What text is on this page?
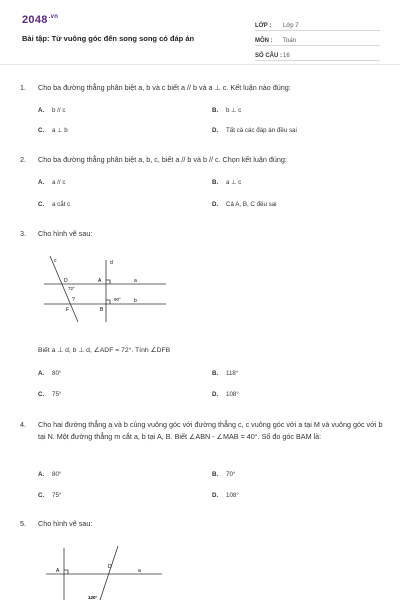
$2048^{.vn}$
Bài tập: Từ vuông góc đến song song có đáp án
LỚP :	Lớp 7
MÔN :	Toán
SỐ CÂU : 16
1.	Cho ba đường thẳng phân biệt a, b và c biết a // b và a ⊥ c. Kết luận nào đúng:
A. b // c	B. b ⊥ c
C. a ⊥ b	D. Tất cả các đáp án đều sai
2.	Cho ba đường thẳng phân biệt a, b, c, biết a // b và b // c. Chọn kết luận đúng:
A. a // c	B. a ⊥ c
C. a cắt c	D. Cả A, B, C đều sai
3.	Cho hình vẽ sau:
c	d
a
b
D	A
F	B
72°
?	90°
Biết a ⊥ d, b ⊥ d, ∠ADF = 72°. Tính ∠DFB
A. 80°	B. 118°
C. 75°	D. 108°
4.	Cho hai đường thẳng a và b cùng vuông góc với đường thẳng c, c vuông góc với a tại M và vuông góc với b tại N. Một đường thẳng m cắt a, b tại A, B. Biết ∠ABN - ∠MAB = 40°. Số đo góc BAM là:
A. 80°	B. 70°
C. 75°	D. 108°
5.	Cho hình vẽ sau:
A
D
a
120°
